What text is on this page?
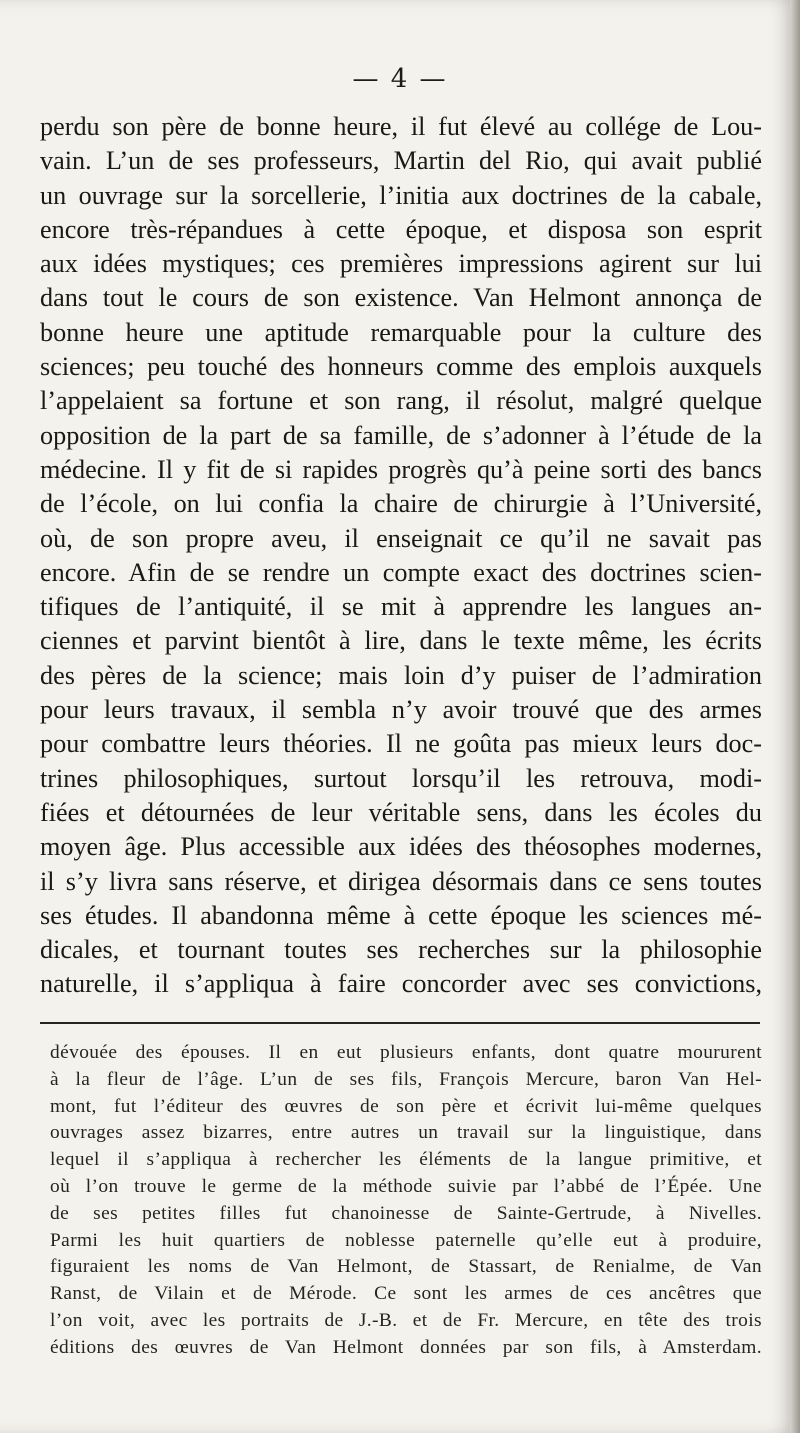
— 4 —
perdu son père de bonne heure, il fut élevé au collége de Lou-
vain. L’un de ses professeurs, Martin del Rio, qui avait publié
un ouvrage sur la sorcellerie, l’initia aux doctrines de la cabale,
encore très-répandues à cette époque, et disposa son esprit
aux idées mystiques; ces premières impressions agirent sur lui
dans tout le cours de son existence. Van Helmont annonça de
bonne heure une aptitude remarquable pour la culture des
sciences; peu touché des honneurs comme des emplois auxquels
l’appelaient sa fortune et son rang, il résolut, malgré quelque
opposition de la part de sa famille, de s’adonner à l’étude de la
médecine. Il y fit de si rapides progrès qu’à peine sorti des bancs
de l’école, on lui confia la chaire de chirurgie à l’Université,
où, de son propre aveu, il enseignait ce qu’il ne savait pas
encore. Afin de se rendre un compte exact des doctrines scien-
tifiques de l’antiquité, il se mit à apprendre les langues an-
ciennes et parvint bientôt à lire, dans le texte même, les écrits
des pères de la science; mais loin d’y puiser de l’admiration
pour leurs travaux, il sembla n’y avoir trouvé que des armes
pour combattre leurs théories. Il ne goûta pas mieux leurs doc-
trines philosophiques, surtout lorsqu’il les retrouva, modi-
fiées et détournées de leur véritable sens, dans les écoles du
moyen âge. Plus accessible aux idées des théosophes modernes,
il s’y livra sans réserve, et dirigea désormais dans ce sens toutes
ses études. Il abandonna même à cette époque les sciences mé-
dicales, et tournant toutes ses recherches sur la philosophie
naturelle, il s’appliqua à faire concorder avec ses convictions,
dévouée des épouses. Il en eut plusieurs enfants, dont quatre moururent
à la fleur de l’âge. L’un de ses fils, François Mercure, baron Van Hel-
mont, fut l’éditeur des œuvres de son père et écrivit lui-même quelques
ouvrages assez bizarres, entre autres un travail sur la linguistique, dans
lequel il s’appliqua à rechercher les éléments de la langue primitive, et
où l’on trouve le germe de la méthode suivie par l’abbé de l’Épée. Une
de ses petites filles fut chanoinesse de Sainte-Gertrude, à Nivelles.
Parmi les huit quartiers de noblesse paternelle qu’elle eut à produire,
figuraient les noms de Van Helmont, de Stassart, de Renialme, de Van
Ranst, de Vilain et de Mérode. Ce sont les armes de ces ancêtres que
l’on voit, avec les portraits de J.-B. et de Fr. Mercure, en tête des trois
éditions des œuvres de Van Helmont données par son fils, à Amsterdam.
